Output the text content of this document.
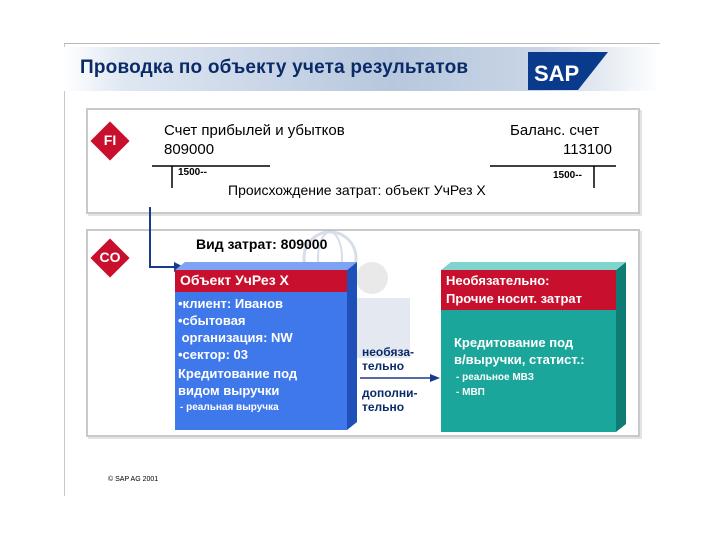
Проводка по объекту учета результатов	SAP
FI
CO
Счет прибылей и убытков
809000
Баланс. счет
113100
1500--	1500--
Происхождение затрат: объект УчРез X
Вид затрат: 809000
Объект УчРез X
•клиент: Иванов
•сбытовая
организация: NW
•сектор: 03
Кредитование под
видом выручки
- реальная выручка
необяза-
тельно
дополни-
тельно
Необязательно:
Прочие носит. затрат
Кредитование под
в/выручки, статист.:
- реальное МВЗ
- МВП
© SAP AG 2001
